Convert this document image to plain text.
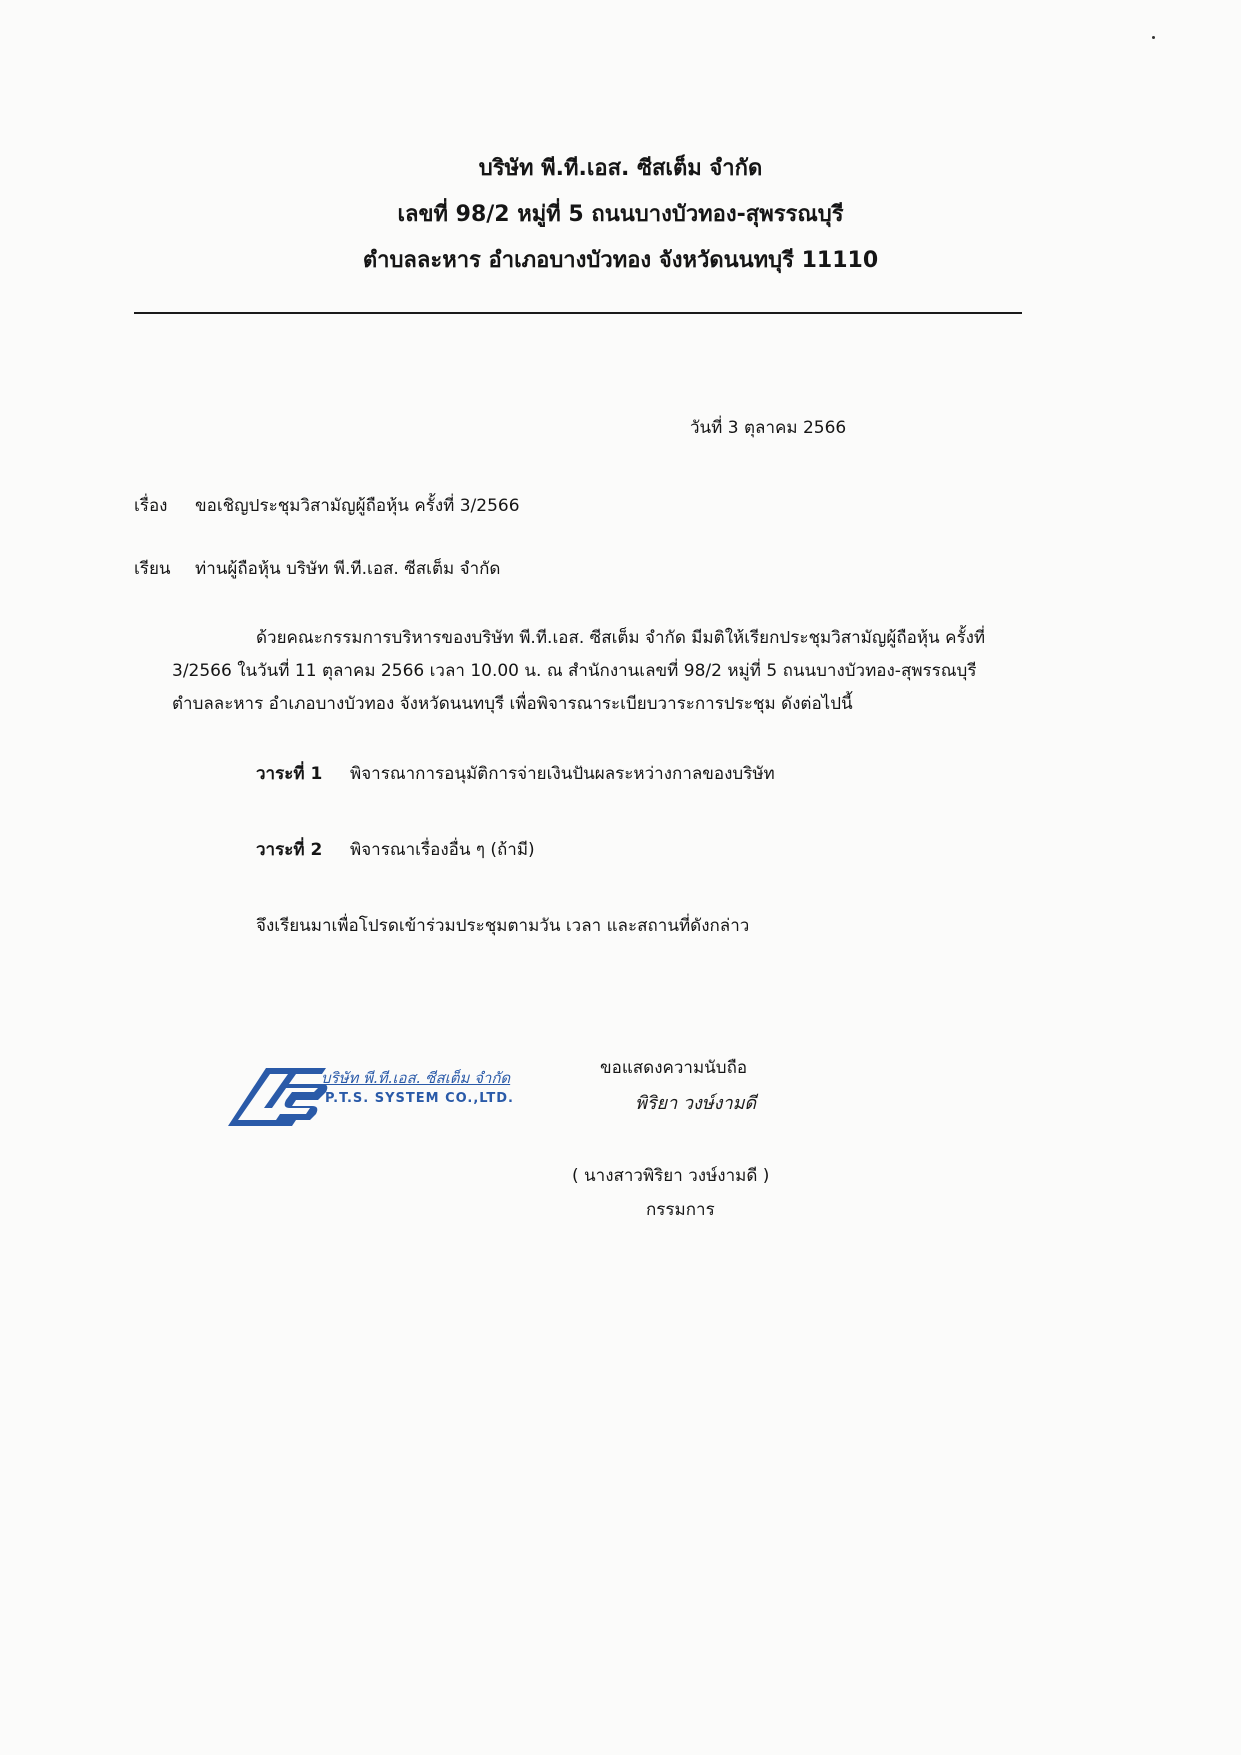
บริษัท พี.ที.เอส. ซีสเต็ม จำกัด
เลขที่ 98/2 หมู่ที่ 5 ถนนบางบัวทอง-สุพรรณบุรี
ตำบลละหาร อำเภอบางบัวทอง จังหวัดนนทบุรี 11110
วันที่ 3 ตุลาคม 2566
เรื่อง ขอเชิญประชุมวิสามัญผู้ถือหุ้น ครั้งที่ 3/2566
เรียน ท่านผู้ถือหุ้น บริษัท พี.ที.เอส. ซีสเต็ม จำกัด
ด้วยคณะกรรมการบริหารของบริษัท พี.ที.เอส. ซีสเต็ม จำกัด มีมติให้เรียกประชุมวิสามัญผู้ถือหุ้น ครั้งที่
3/2566 ในวันที่ 11 ตุลาคม 2566 เวลา 10.00 น. ณ สำนักงานเลขที่ 98/2 หมู่ที่ 5 ถนนบางบัวทอง-สุพรรณบุรี
ตำบลละหาร อำเภอบางบัวทอง จังหวัดนนทบุรี เพื่อพิจารณาระเบียบวาระการประชุม ดังต่อไปนี้
วาระที่ 1 พิจารณาการอนุมัติการจ่ายเงินปันผลระหว่างกาลของบริษัท
วาระที่ 2 พิจารณาเรื่องอื่น ๆ (ถ้ามี)
จึงเรียนมาเพื่อโปรดเข้าร่วมประชุมตามวัน เวลา และสถานที่ดังกล่าว
ขอแสดงความนับถือ
บริษัท พี.ที.เอส. ซีสเต็ม จำกัด
P.T.S. SYSTEM CO.,LTD.	พิริยา วงษ์งามดี
( นางสาวพิริยา วงษ์งามดี )
กรรมการ
